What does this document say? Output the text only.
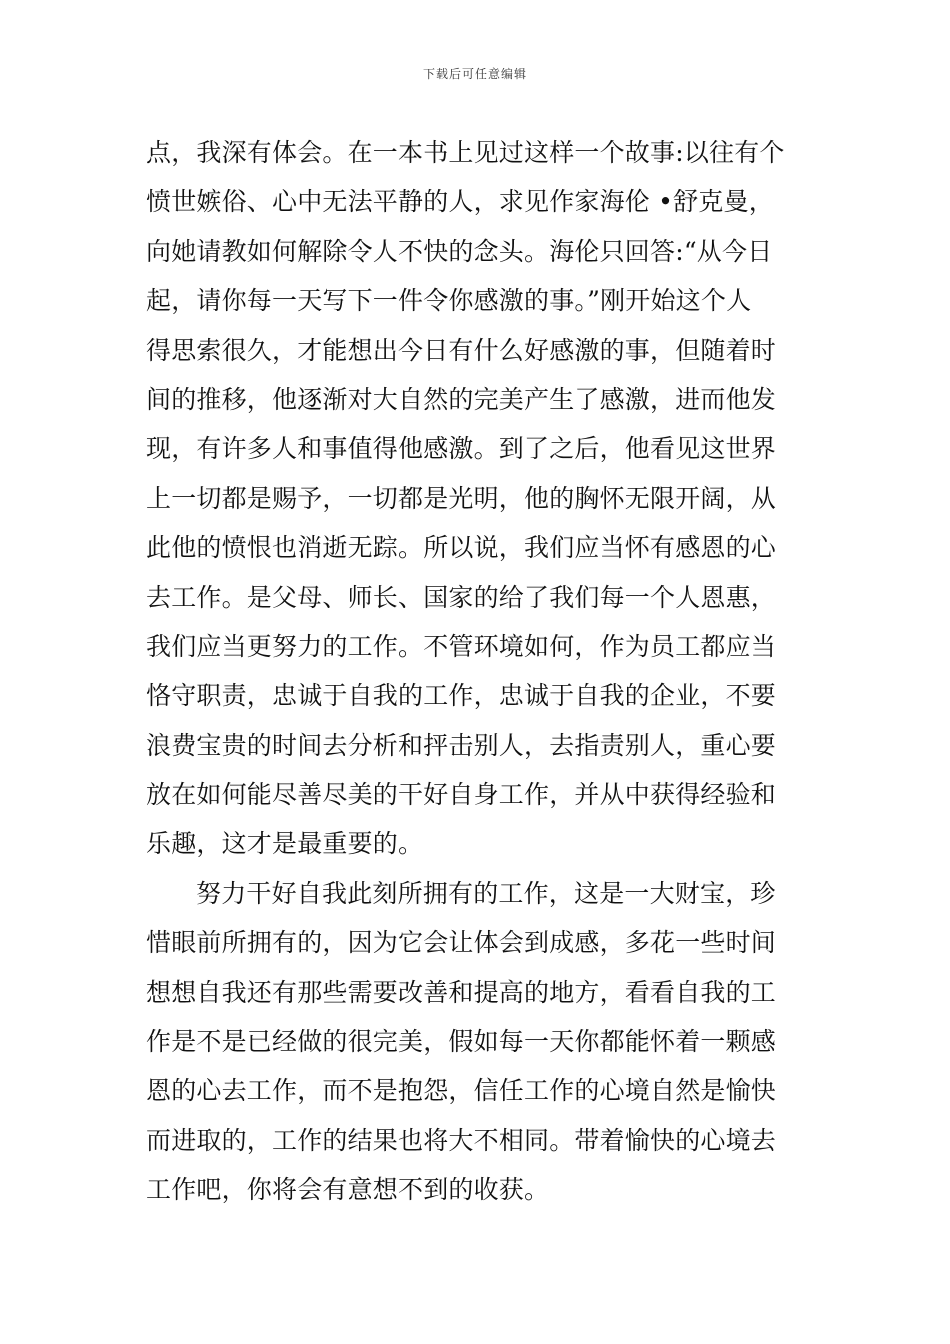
下载后可任意编辑
点，我深有体会。在一本书上见过这样一个故事:以往有个
愤世嫉俗、心中无法平静的人，求见作家海伦 •舒克曼，
向她请教如何解除令人不快的念头。海伦只回答:“从今日
起，请你每一天写下一件令你感激的事。”刚开始这个人
得思索很久，才能想出今日有什么好感激的事，但随着时
间的推移，他逐渐对大自然的完美产生了感激，进而他发
现，有许多人和事值得他感激。到了之后，他看见这世界
上一切都是赐予，一切都是光明，他的胸怀无限开阔，从
此他的愤恨也消逝无踪。所以说，我们应当怀有感恩的心
去工作。是父母、师长、国家的给了我们每一个人恩惠，
我们应当更努力的工作。不管环境如何，作为员工都应当
恪守职责，忠诚于自我的工作，忠诚于自我的企业，不要
浪费宝贵的时间去分析和抨击别人，去指责别人，重心要
放在如何能尽善尽美的干好自身工作，并从中获得经验和
乐趣，这才是最重要的。
努力干好自我此刻所拥有的工作，这是一大财宝，珍
惜眼前所拥有的，因为它会让体会到成感，多花一些时间
想想自我还有那些需要改善和提高的地方，看看自我的工
作是不是已经做的很完美，假如每一天你都能怀着一颗感
恩的心去工作，而不是抱怨，信任工作的心境自然是愉快
而进取的，工作的结果也将大不相同。带着愉快的心境去
工作吧，你将会有意想不到的收获。
